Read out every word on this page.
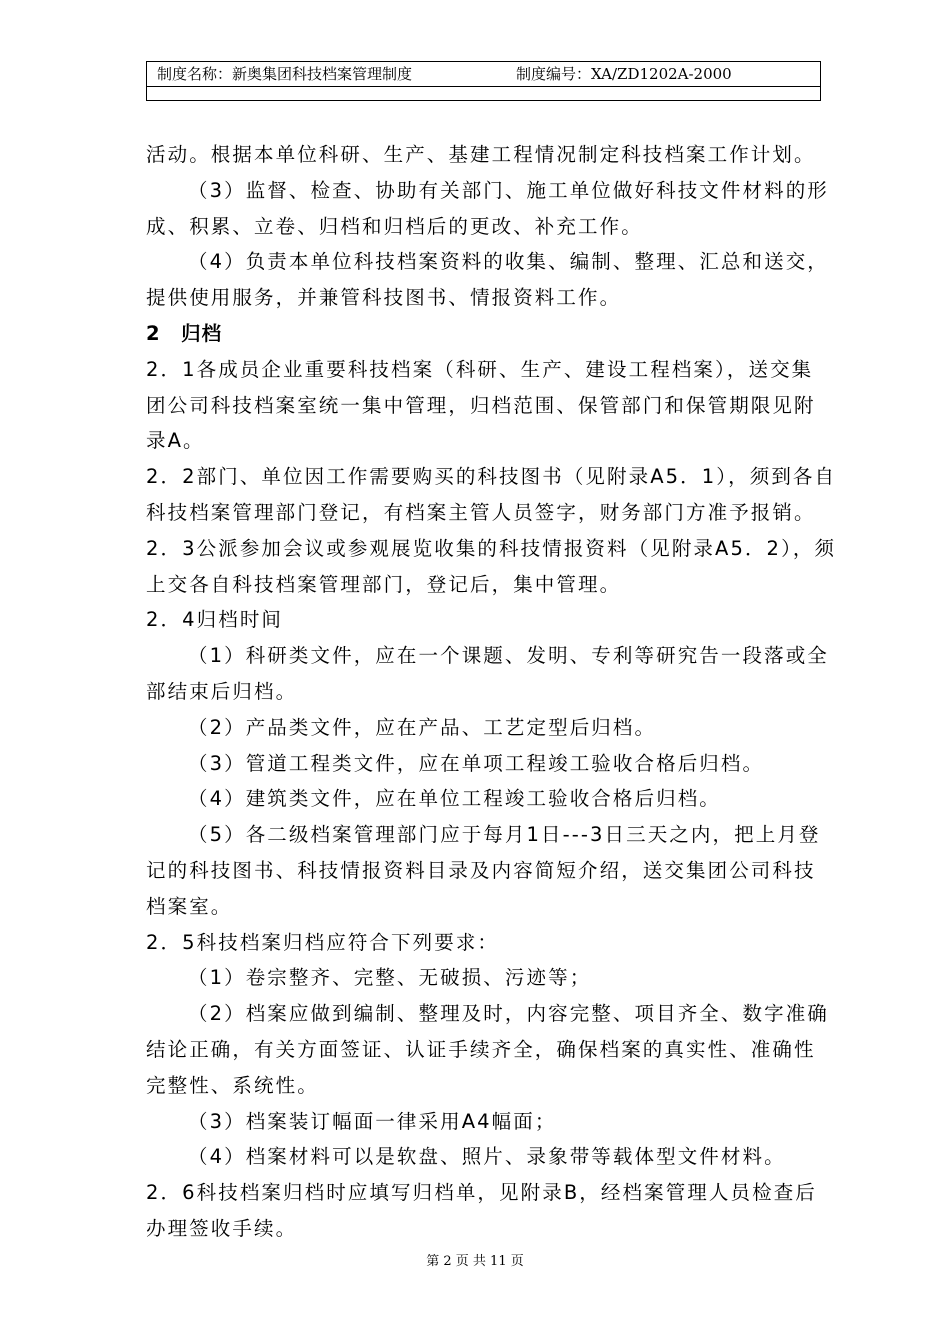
制度名称：新奥集团科技档案管理制度	制度编号：XA/ZD1202A-2000
活动。根据本单位科研、生产、基建工程情况制定科技档案工作计划。
（3）监督、检查、协助有关部门、施工单位做好科技文件材料的形
成、积累、立卷、归档和归档后的更改、补充工作。
（4）负责本单位科技档案资料的收集、编制、整理、汇总和送交，
提供使用服务，并兼管科技图书、情报资料工作。
2　归档
2．1各成员企业重要科技档案（科研、生产、建设工程档案），送交集
团公司科技档案室统一集中管理，归档范围、保管部门和保管期限见附
录A。
2．2部门、单位因工作需要购买的科技图书（见附录A5．1），须到各自
科技档案管理部门登记，有档案主管人员签字，财务部门方准予报销。
2．3公派参加会议或参观展览收集的科技情报资料（见附录A5．2），须
上交各自科技档案管理部门，登记后，集中管理。
2．4归档时间
（1）科研类文件，应在一个课题、发明、专利等研究告一段落或全
部结束后归档。
（2）产品类文件，应在产品、工艺定型后归档。
（3）管道工程类文件，应在单项工程竣工验收合格后归档。
（4）建筑类文件，应在单位工程竣工验收合格后归档。
（5）各二级档案管理部门应于每月1日---3日三天之内，把上月登
记的科技图书、科技情报资料目录及内容简短介绍，送交集团公司科技
档案室。
2．5科技档案归档应符合下列要求：
（1）卷宗整齐、完整、无破损、污迹等；
（2）档案应做到编制、整理及时，内容完整、项目齐全、数字准确
结论正确，有关方面签证、认证手续齐全，确保档案的真实性、准确性
完整性、系统性。
（3）档案装订幅面一律采用A4幅面；
（4）档案材料可以是软盘、照片、录象带等载体型文件材料。
2．6科技档案归档时应填写归档单，见附录B，经档案管理人员检查后
办理签收手续。
第 2 页 共 11 页
